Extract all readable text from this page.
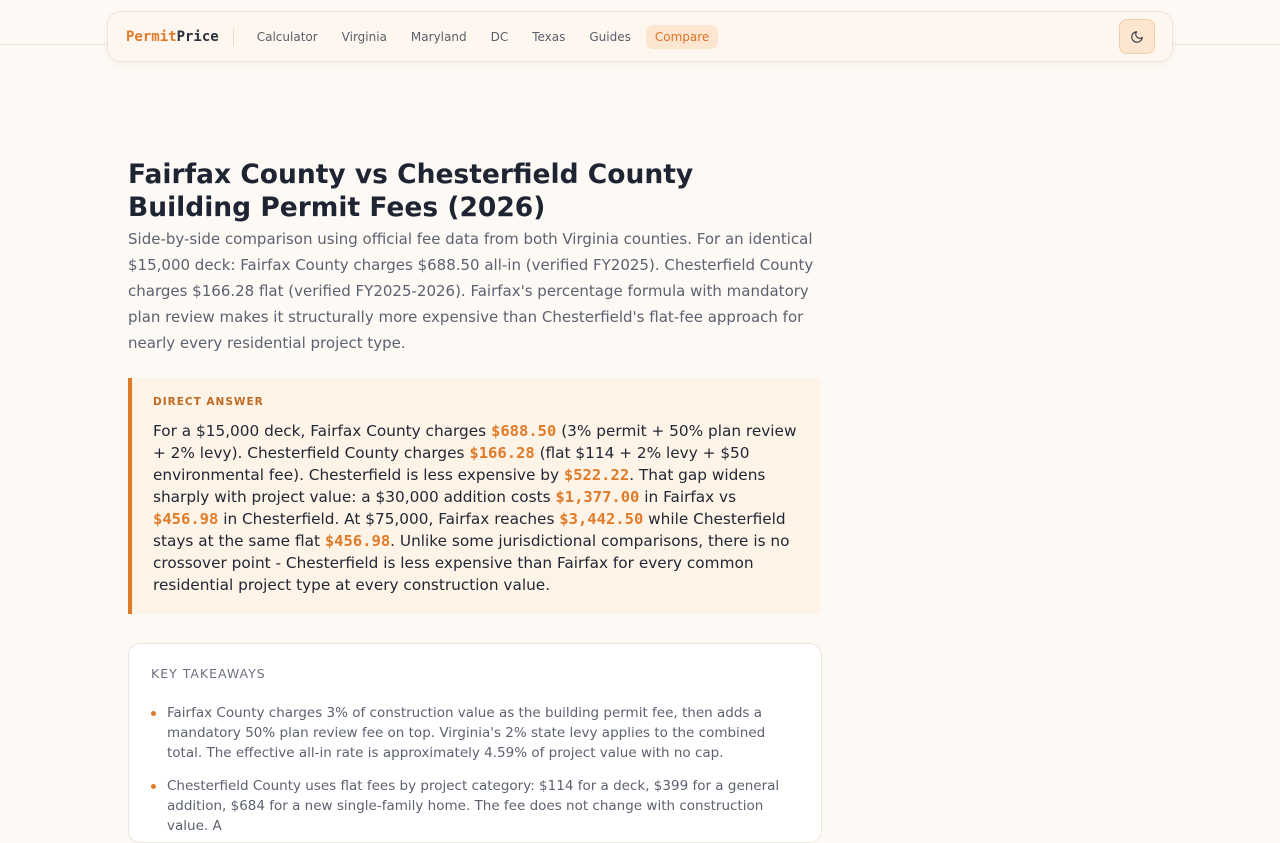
PermitPrice	Calculator	Virginia	Maryland	DC	Texas	Guides	Compare
Fairfax County vs Chesterfield County Building Permit Fees (2026)

Side-by-side comparison using official fee data from both Virginia counties. For an identical $15,000 deck: Fairfax County charges $688.50 all-in (verified FY2025). Chesterfield County charges $166.28 flat (verified FY2025-2026). Fairfax's percentage formula with mandatory plan review makes it structurally more expensive than Chesterfield's flat-fee approach for nearly every residential project type.

DIRECT ANSWER

For a $15,000 deck, Fairfax County charges $688.50 (3% permit + 50% plan review + 2% levy). Chesterfield County charges $166.28 (flat $114 + 2% levy + $50 environmental fee). Chesterfield is less expensive by $522.22. That gap widens sharply with project value: a $30,000 addition costs $1,377.00 in Fairfax vs $456.98 in Chesterfield. At $75,000, Fairfax reaches $3,442.50 while Chesterfield stays at the same flat $456.98. Unlike some jurisdictional comparisons, there is no crossover point - Chesterfield is less expensive than Fairfax for every common residential project type at every construction value.

KEY TAKEAWAYS
Fairfax County charges 3% of construction value as the building permit fee, then adds a mandatory 50% plan review fee on top. Virginia's 2% state levy applies to the combined total. The effective all-in rate is approximately 4.59% of project value with no cap.
Chesterfield County uses flat fees by project category: $114 for a deck, $399 for a general addition, $684 for a new single-family home. The fee does not change with construction value. A
